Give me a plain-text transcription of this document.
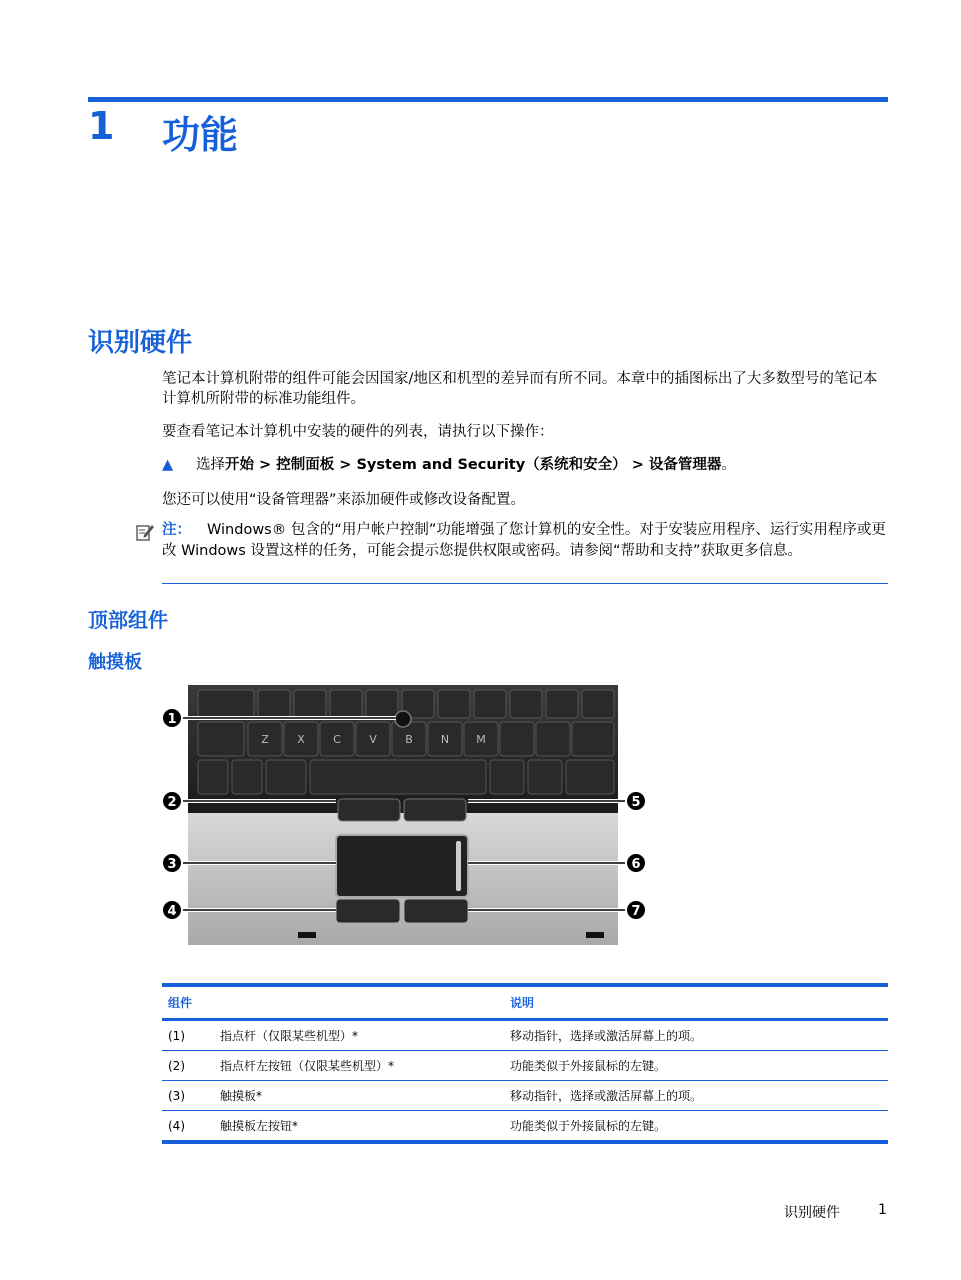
1 功能
识别硬件
笔记本计算机附带的组件可能会因国家/地区和机型的差异而有所不同。本章中的插图标出了大多数型号的笔记本计算机所附带的标准功能组件。
要查看笔记本计算机中安装的硬件的列表，请执行以下操作：
▲ 选择开始 > 控制面板 > System and Security（系统和安全） > 设备管理器。
您还可以使用“设备管理器”来添加硬件或修改设备配置。
注： Windows® 包含的“用户帐户控制”功能增强了您计算机的安全性。对于安装应用程序、运行实用程序或更改 Windows 设置这样的任务，可能会提示您提供权限或密码。请参阅“帮助和支持”获取更多信息。
顶部组件
触摸板
Z	X	C	V	B	N M
1
2
3
4
5
6
7
组件		说明
(1)	指点杆（仅限某些机型）*	移动指针，选择或激活屏幕上的项。
(2)	指点杆左按钮（仅限某些机型）*	功能类似于外接鼠标的左键。
(3)	触摸板*	移动指针，选择或激活屏幕上的项。
(4)	触摸板左按钮*	功能类似于外接鼠标的左键。
识别硬件	1
